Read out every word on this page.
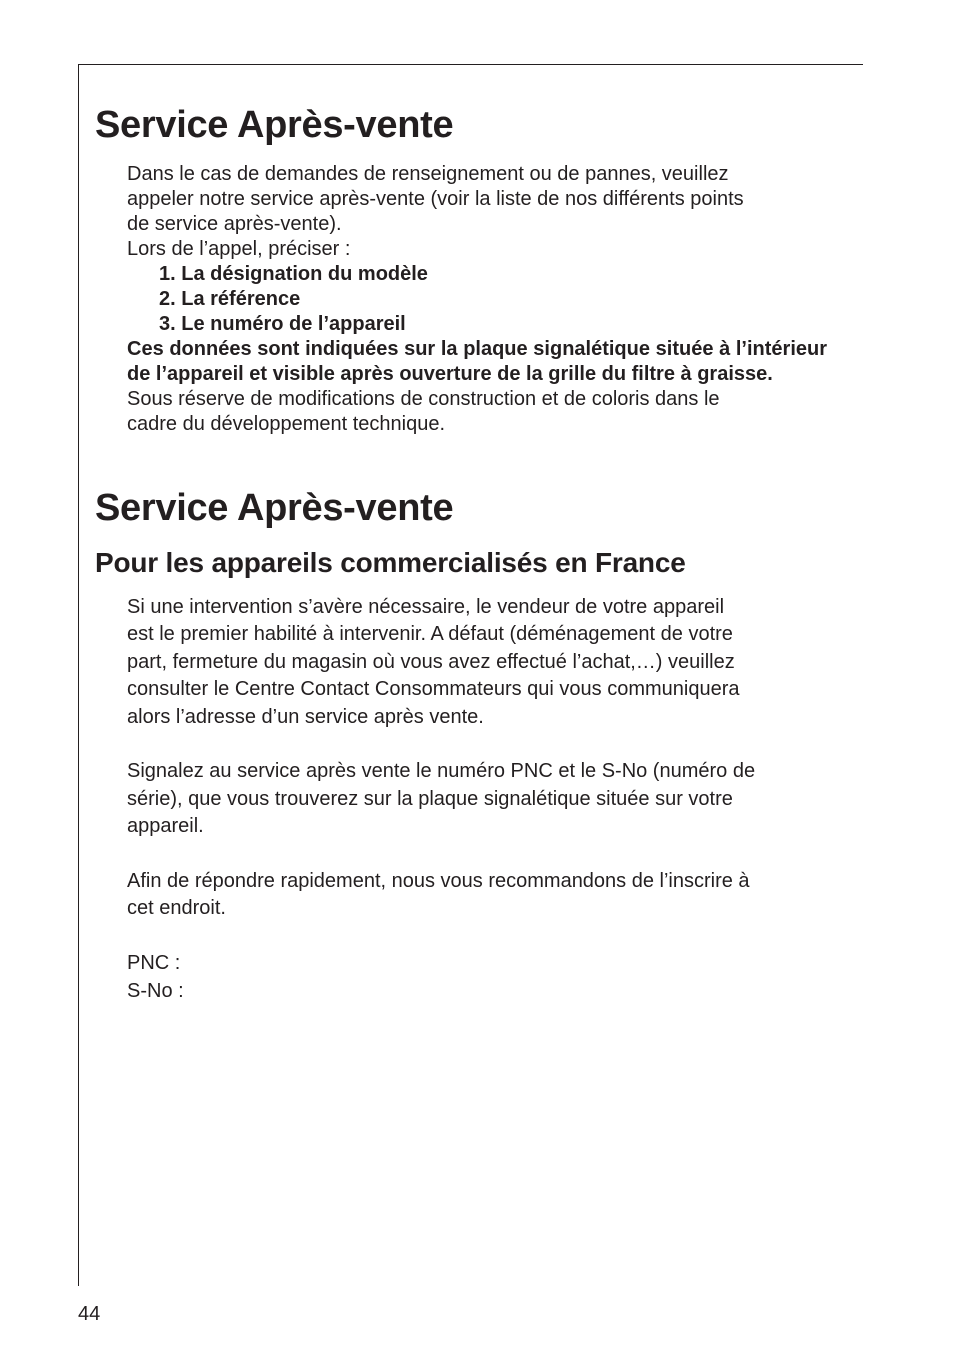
Service Après-vente

Dans le cas de demandes de renseignement ou de pannes, veuillez

appeler notre service après-vente (voir la liste de nos différents points

de service après-vente).

Lors de l’appel, préciser :

1. La désignation du modèle
2. La référence
3. Le numéro de l’appareil

Ces données sont indiquées sur la plaque signalétique située à l’intérieur de l’appareil et visible après ouverture de la grille du filtre à graisse.

Sous réserve de modifications de construction et de coloris dans le

cadre du développement technique.

Service Après-vente
Pour les appareils commercialisés en France

Si une intervention s’avère nécessaire, le vendeur de votre appareil
est le premier habilité à intervenir. A défaut (déménagement de votre
part, fermeture du magasin où vous avez effectué l’achat,…) veuillez
consulter le Centre Contact Consommateurs qui vous communiquera
alors l’adresse d’un service après vente.

Signalez au service après vente le numéro PNC et le S-No (numéro de
série), que vous trouverez sur la plaque signalétique située sur votre
appareil.

Afin de répondre rapidement, nous vous recommandons de l’inscrire à
cet endroit.

PNC :

S-No :

44
